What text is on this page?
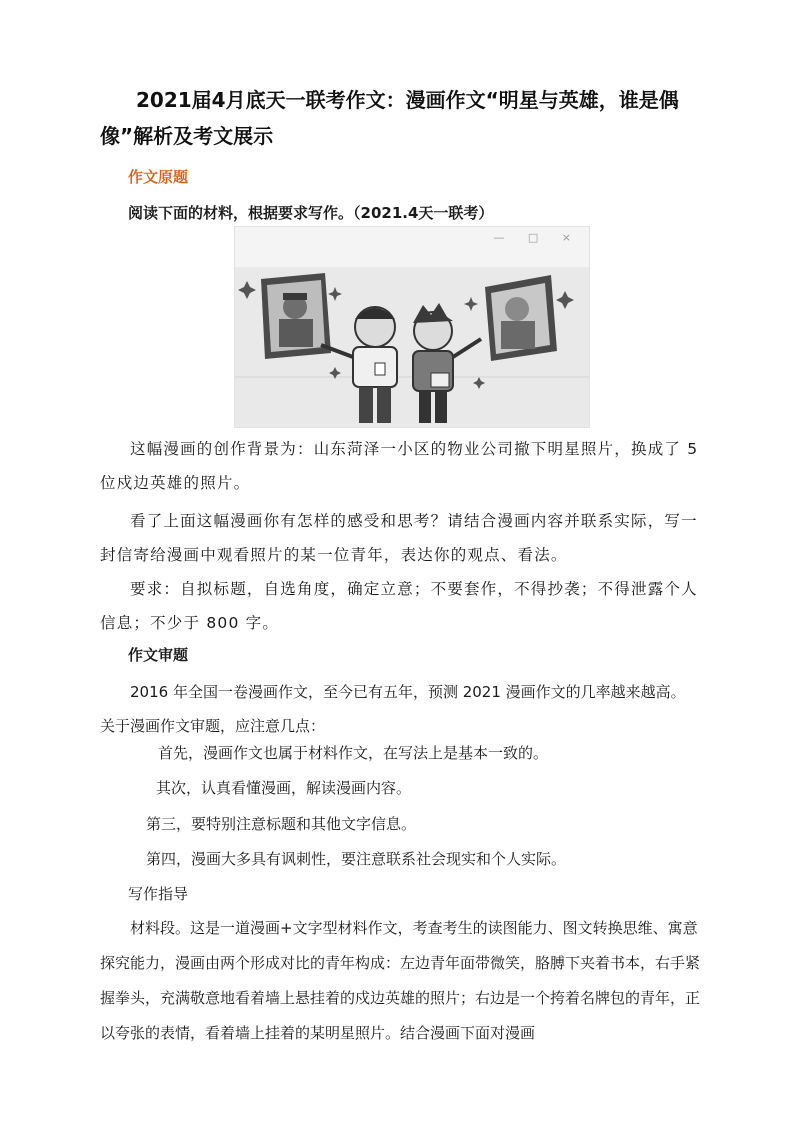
2021届4月底天一联考作文：漫画作文“明星与英雄，谁是偶像”解析及考文展示

作文原题

阅读下面的材料，根据要求写作。（2021.4天一联考）

— □ ×

这幅漫画的创作背景为：山东菏泽一小区的物业公司撤下明星照片，换成了 5 位戍边英雄的照片。

看了上面这幅漫画你有怎样的感受和思考？请结合漫画内容并联系实际，写一封信寄给漫画中观看照片的某一位青年，表达你的观点、看法。

要求：自拟标题，自选角度，确定立意；不要套作，不得抄袭；不得泄露个人信息；不少于 800 字。

作文审题

2016 年全国一卷漫画作文，至今已有五年，预测 2021 漫画作文的几率越来越高。关于漫画作文审题，应注意几点：

首先，漫画作文也属于材料作文，在写法上是基本一致的。

其次，认真看懂漫画，解读漫画内容。

第三，要特别注意标题和其他文字信息。

第四，漫画大多具有讽刺性，要注意联系社会现实和个人实际。

写作指导

材料段。这是一道漫画+文字型材料作文，考查考生的读图能力、图文转换思维、寓意探究能力，漫画由两个形成对比的青年构成：左边青年面带微笑，胳膊下夹着书本，右手紧握拳头，充满敬意地看着墙上悬挂着的戍边英雄的照片；右边是一个挎着名牌包的青年，正以夸张的表情，看着墙上挂着的某明星照片。结合漫画下面对漫画
